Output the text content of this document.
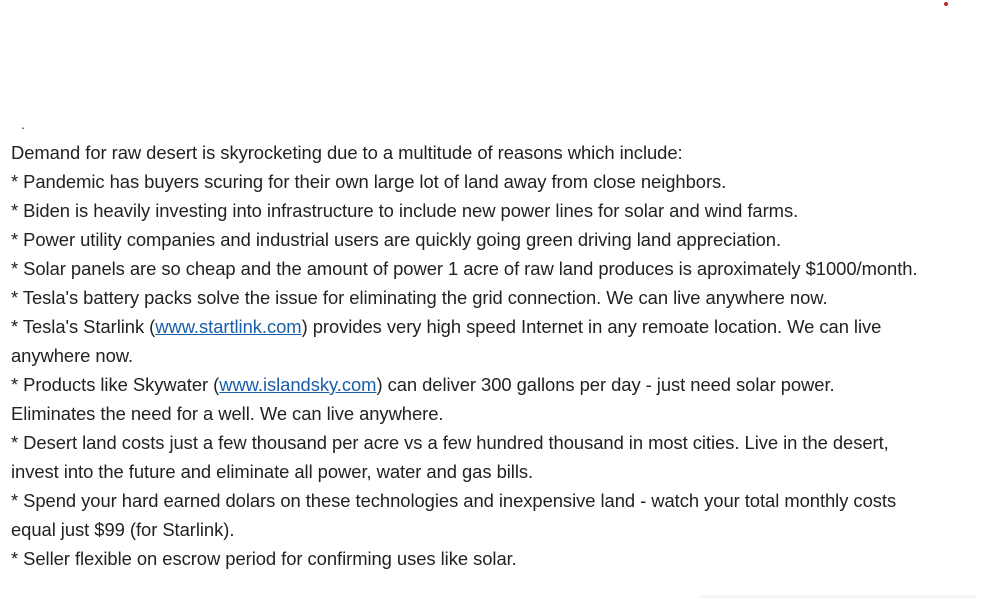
.

Demand for raw desert is skyrocketing due to a multitude of reasons which include:

* Pandemic has buyers scuring for their own large lot of land away from close neighbors.

* Biden is heavily investing into infrastructure to include new power lines for solar and wind farms.

* Power utility companies and industrial users are quickly going green driving land appreciation.

* Solar panels are so cheap and the amount of power 1 acre of raw land produces is aproximately $1000/month.

* Tesla's battery packs solve the issue for eliminating the grid connection. We can live anywhere now.

* Tesla's Starlink (www.startlink.com) provides very high speed Internet in any remoate location. We can live

anywhere now.

* Products like Skywater (www.islandsky.com) can deliver 300 gallons per day - just need solar power.

Eliminates the need for a well. We can live anywhere.

* Desert land costs just a few thousand per acre vs a few hundred thousand in most cities. Live in the desert,

invest into the future and eliminate all power, water and gas bills.

* Spend your hard earned dolars on these technologies and inexpensive land - watch your total monthly costs

equal just $99 (for Starlink).

* Seller flexible on escrow period for confirming uses like solar.
